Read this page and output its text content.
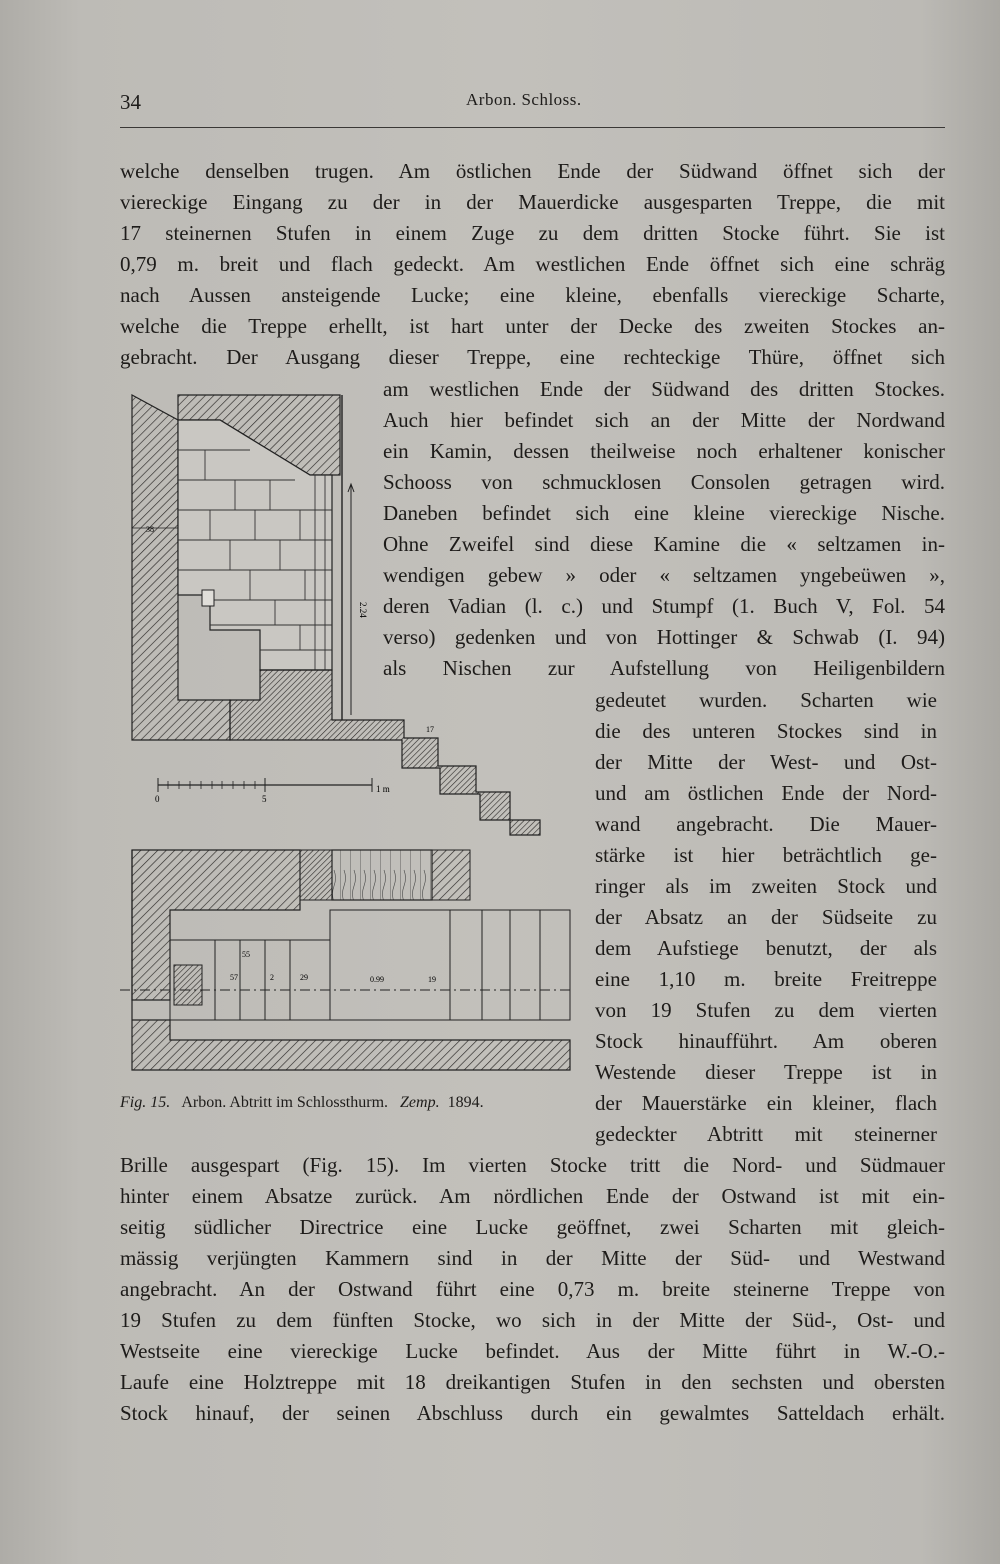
34	Arbon. Schloss.
welche denselben trugen. Am östlichen Ende der Südwand öffnet sich der
viereckige Eingang zu der in der Mauerdicke ausgesparten Treppe, die mit
17 steinernen Stufen in einem Zuge zu dem dritten Stocke führt. Sie ist
0,79 m. breit und flach gedeckt. Am westlichen Ende öffnet sich eine schräg
nach Aussen ansteigende Lucke; eine kleine, ebenfalls viereckige Scharte,
welche die Treppe erhellt, ist hart unter der Decke des zweiten Stockes an-
gebracht. Der Ausgang dieser Treppe, eine rechteckige Thüre, öffnet sich
am westlichen Ende der Südwand des dritten Stockes.
Auch hier befindet sich an der Mitte der Nordwand
ein Kamin, dessen theilweise noch erhaltener konischer
Schooss von schmucklosen Consolen getragen wird.
Daneben befindet sich eine kleine viereckige Nische.
Ohne Zweifel sind diese Kamine die « seltzamen in-
wendigen gebew » oder « seltzamen yngebeüwen »,
deren Vadian (l. c.) und Stumpf (1. Buch V, Fol. 54
verso) gedenken und von Hottinger & Schwab (I. 94)
als Nischen zur Aufstellung von Heiligenbildern
gedeutet wurden. Scharten wie
die des unteren Stockes sind in
der Mitte der West- und Ost-
und am östlichen Ende der Nord-
wand angebracht. Die Mauer-
stärke ist hier beträchtlich ge-
ringer als im zweiten Stock und
der Absatz an der Südseite zu
dem Aufstiege benutzt, der als
eine 1,10 m. breite Freitreppe
von 19 Stufen zu dem vierten
Stock hinaufführt. Am oberen
Westende dieser Treppe ist in
der Mauerstärke ein kleiner, flach
gedeckter Abtritt mit steinerner
Brille ausgespart (Fig. 15). Im vierten Stocke tritt die Nord- und Südmauer
hinter einem Absatze zurück. Am nördlichen Ende der Ostwand ist mit ein-
seitig südlicher Directrice eine Lucke geöffnet, zwei Scharten mit gleich-
mässig verjüngten Kammern sind in der Mitte der Süd- und Westwand
angebracht. An der Ostwand führt eine 0,73 m. breite steinerne Treppe von
19 Stufen zu dem fünften Stocke, wo sich in der Mitte der Süd-, Ost- und
Westseite eine viereckige Lucke befindet. Aus der Mitte führt in W.-O.-
Laufe eine Holztreppe mit 18 dreikantigen Stufen in den sechsten und obersten
Stock hinauf, der seinen Abschluss durch ein gewalmtes Satteldach erhält.
2.24
38
17
0	5
1 m
55
57	2	29	0.99	19
Fig. 15. Arbon. Abtritt im Schlossthurm. Zemp. 1894.
